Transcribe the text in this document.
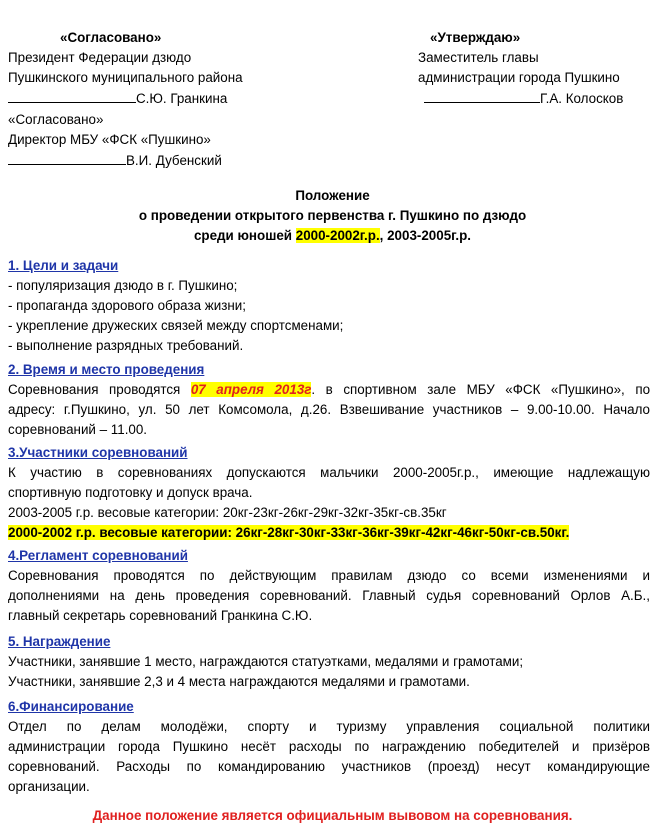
«Согласовано»
Президент Федерации дзюдо
Пушкинского муниципального района
С.Ю. Гранкина
«Согласовано»
Директор МБУ «ФСК «Пушкино»
В.И. Дубенский
«Утверждаю»
Заместитель главы
администрации города Пушкино
Г.А. Колосков
Положение
о проведении открытого первенства г. Пушкино по дзюдо
среди юношей 2000-2002г.р., 2003-2005г.р.
1. Цели и задачи
- популяризация дзюдо в г. Пушкино;
- пропаганда здорового образа жизни;
- укрепление дружеских связей между спортсменами;
- выполнение разрядных требований.
2. Время и место проведения
Соревнования проводятся 07 апреля 2013г. в спортивном зале МБУ «ФСК «Пушкино», по
адресу: г.Пушкино, ул. 50 лет Комсомола, д.26. Взвешивание участников – 9.00-10.00. Начало
соревнований – 11.00.
3.Участники соревнований
К участию в соревнованиях допускаются мальчики 2000-2005г.р., имеющие надлежащую
спортивную подготовку и допуск врача.
2003-2005 г.р. весовые категории: 20кг-23кг-26кг-29кг-32кг-35кг-св.35кг
2000-2002 г.р. весовые категории: 26кг-28кг-30кг-33кг-36кг-39кг-42кг-46кг-50кг-св.50кг.
4.Регламент соревнований
Соревнования проводятся по действующим правилам дзюдо со всеми изменениями и
дополнениями на день проведения соревнований. Главный судья соревнований Орлов А.Б.,
главный секретарь соревнований Гранкина С.Ю.
5. Награждение
Участники, занявшие 1 место, награждаются статуэтками, медалями и грамотами;
Участники, занявшие 2,3 и 4 места награждаются медалями и грамотами.
6.Финансирование
Отдел по делам молодёжи, спорту и туризму управления социальной политики
администрации города Пушкино несёт расходы по награждению победителей и призёров
соревнований. Расходы по командированию участников (проезд) несут командирующие
организации.
Данное положение является официальным вывовом на соревнования.
